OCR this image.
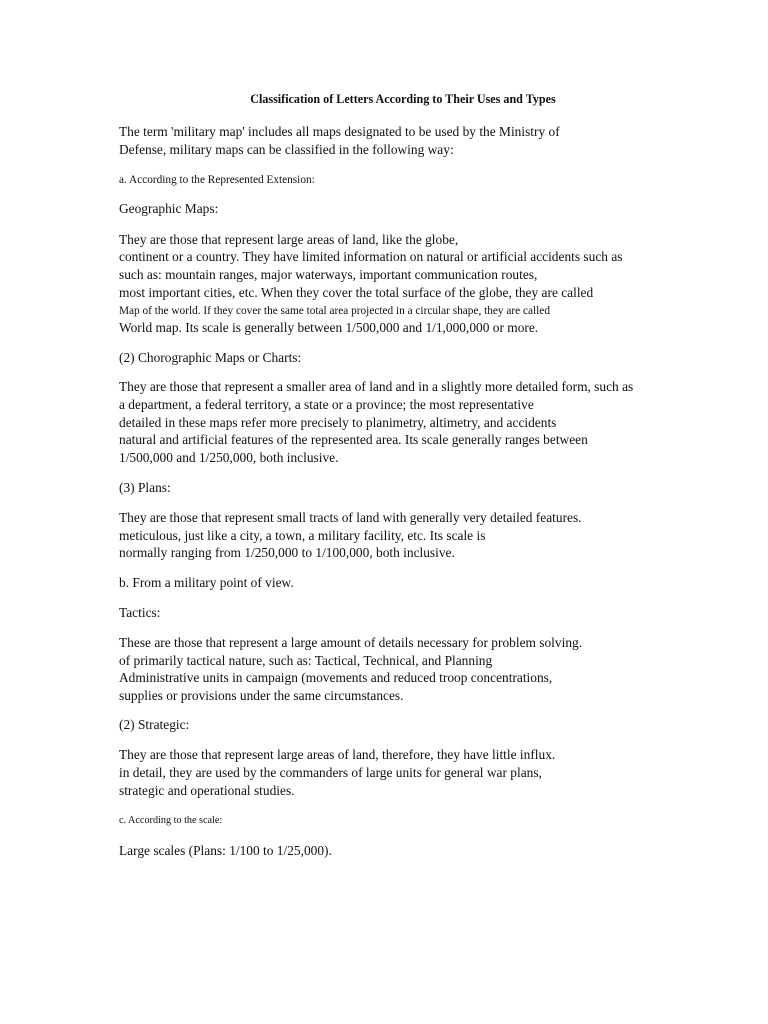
Classification of Letters According to Their Uses and Types
The term 'military map' includes all maps designated to be used by the Ministry of
Defense, military maps can be classified in the following way:
a. According to the Represented Extension:
Geographic Maps:
They are those that represent large areas of land, like the globe,
continent or a country. They have limited information on natural or artificial accidents such as
such as: mountain ranges, major waterways, important communication routes,
most important cities, etc. When they cover the total surface of the globe, they are called
Map of the world. If they cover the same total area projected in a circular shape, they are called
World map. Its scale is generally between 1/500,000 and 1/1,000,000 or more.
(2) Chorographic Maps or Charts:
They are those that represent a smaller area of land and in a slightly more detailed form, such as
a department, a federal territory, a state or a province; the most representative
detailed in these maps refer more precisely to planimetry, altimetry, and accidents
natural and artificial features of the represented area. Its scale generally ranges between
1/500,000 and 1/250,000, both inclusive.
(3) Plans:
They are those that represent small tracts of land with generally very detailed features.
meticulous, just like a city, a town, a military facility, etc. Its scale is
normally ranging from 1/250,000 to 1/100,000, both inclusive.
b. From a military point of view.
Tactics:
These are those that represent a large amount of details necessary for problem solving.
of primarily tactical nature, such as: Tactical, Technical, and Planning
Administrative units in campaign (movements and reduced troop concentrations,
supplies or provisions under the same circumstances.
(2) Strategic:
They are those that represent large areas of land, therefore, they have little influx.
in detail, they are used by the commanders of large units for general war plans,
strategic and operational studies.
c. According to the scale:
Large scales (Plans: 1/100 to 1/25,000).
